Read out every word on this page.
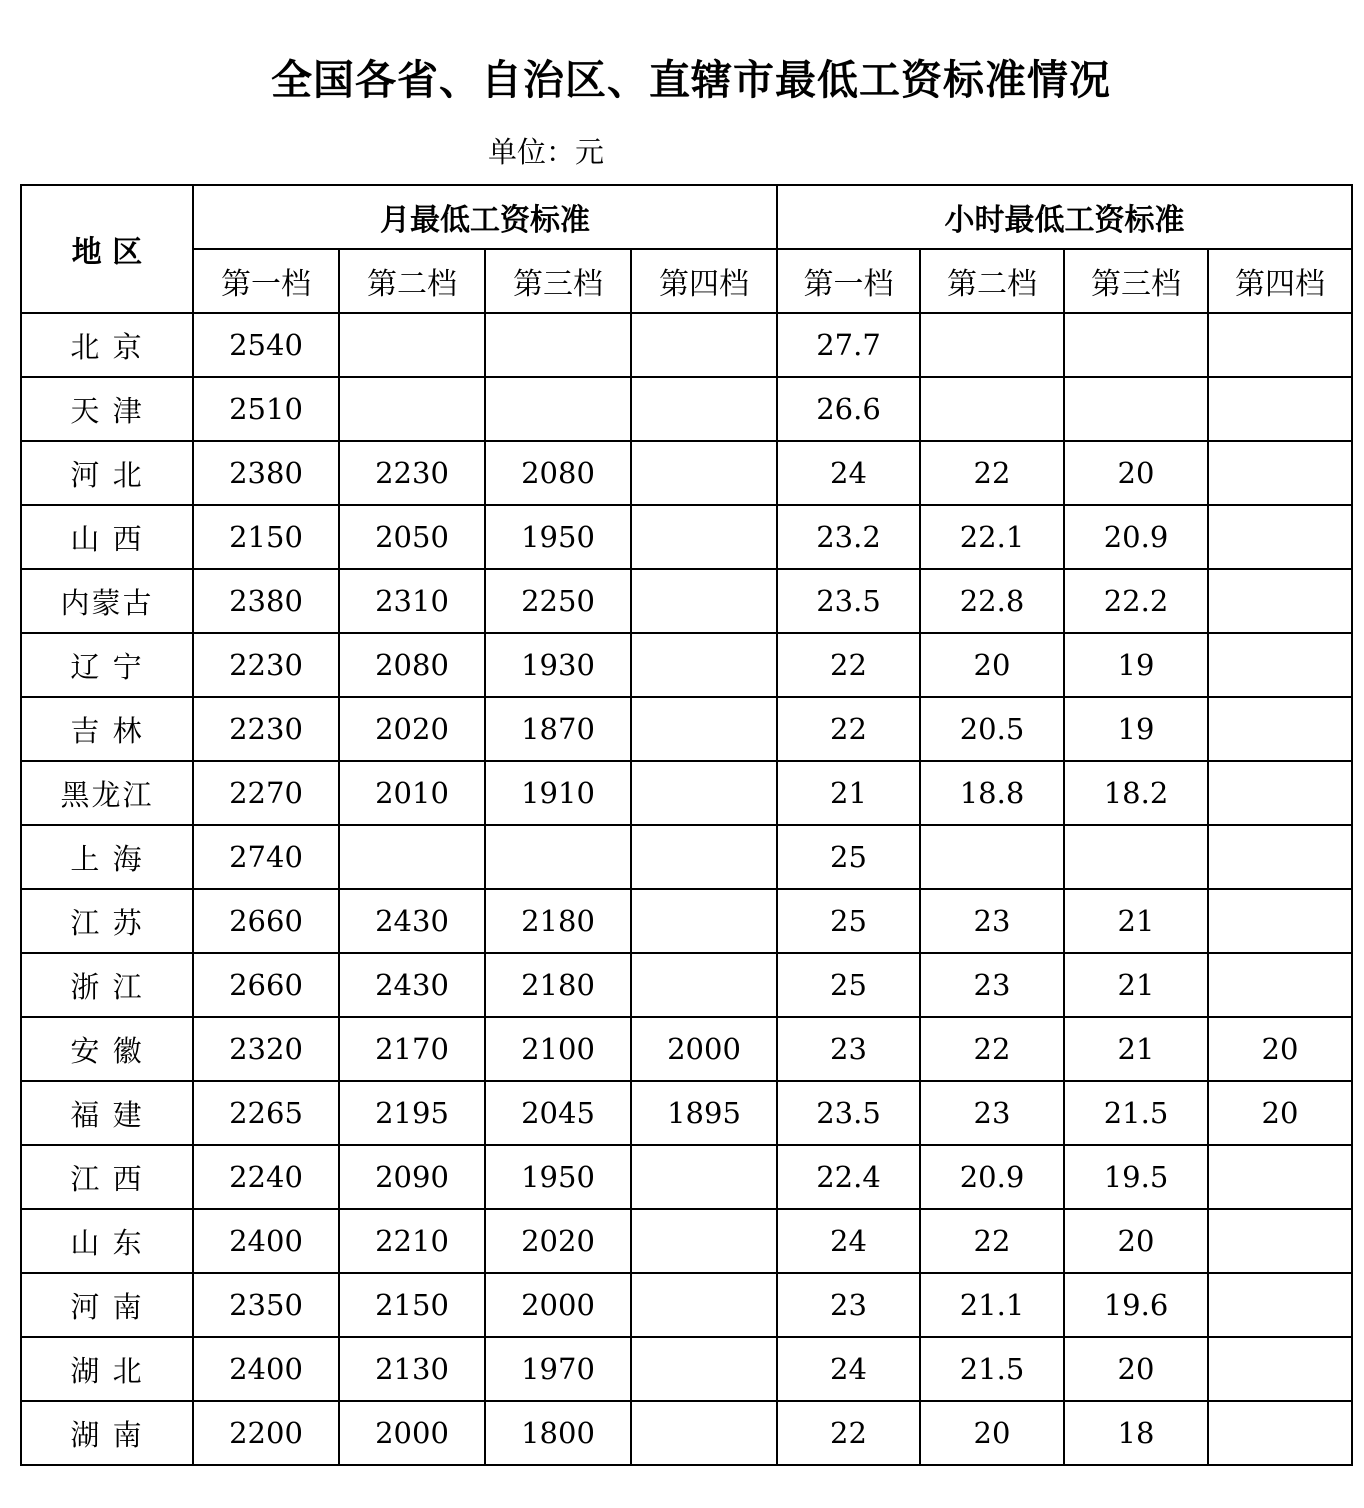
全国各省、自治区、直辖市最低工资标准情况
单位：元
地 区	月最低工资标准				小时最低工资标准			
	第一档	第二档	第三档	第四档	第一档	第二档	第三档	第四档
北 京	2540				27.7			
天 津	2510				26.6			
河 北	2380	2230	2080		24	22	20	
山 西	2150	2050	1950		23.2	22.1	20.9	
内蒙古	2380	2310	2250		23.5	22.8	22.2	
辽 宁	2230	2080	1930		22	20	19	
吉 林	2230	2020	1870		22	20.5	19	
黑龙江	2270	2010	1910		21	18.8	18.2	
上 海	2740				25			
江 苏	2660	2430	2180		25	23	21	
浙 江	2660	2430	2180		25	23	21	
安 徽	2320	2170	2100	2000	23	22	21	20
福 建	2265	2195	2045	1895	23.5	23	21.5	20
江 西	2240	2090	1950		22.4	20.9	19.5	
山 东	2400	2210	2020		24	22	20	
河 南	2350	2150	2000		23	21.1	19.6	
湖 北	2400	2130	1970		24	21.5	20	
湖 南	2200	2000	1800		22	20	18	
